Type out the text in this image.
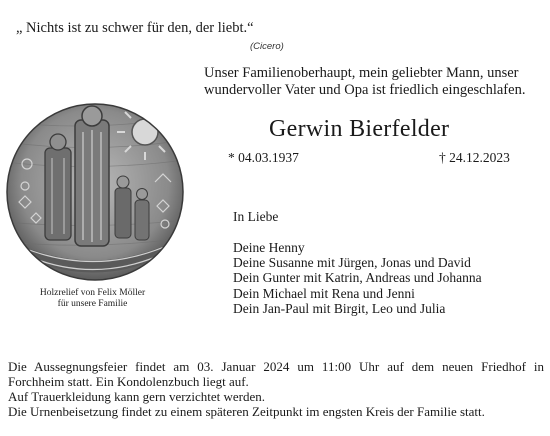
„ Nichts ist zu schwer für den, der liebt.“
(Cicero)
Unser Familienoberhaupt, mein geliebter Mann, unser
wundervoller Vater und Opa ist friedlich eingeschlafen.
Gerwin Bierfelder
* 04.03.1937	† 24.12.2023
Holzrelief von Felix Möller
für unsere Familie
In Liebe
Deine Henny
Deine Susanne mit Jürgen, Jonas und David
Dein Gunter mit Katrin, Andreas und Johanna
Dein Michael mit Rena und Jenni
Dein Jan-Paul mit Birgit, Leo und Julia
Die Aussegnungsfeier findet am 03. Januar 2024 um 11:00 Uhr auf dem neuen Friedhof in
Forchheim statt. Ein Kondolenzbuch liegt auf.
Auf Trauerkleidung kann gern verzichtet werden.
Die Urnenbeisetzung findet zu einem späteren Zeitpunkt im engsten Kreis der Familie statt.
